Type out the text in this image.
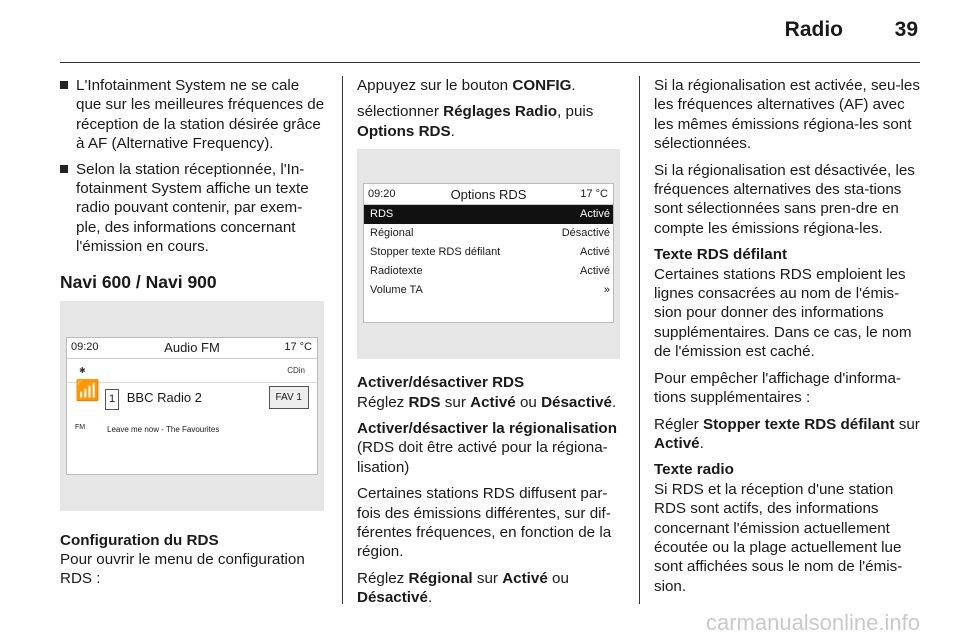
Radio 39
L'Infotainment System ne se cale que sur les meilleures fréquences de réception de la station désirée grâce à AF (Alternative Frequency).
Selon la station réceptionnée, l'In-fotainment System affiche un texte radio pouvant contenir, par exem-ple, des informations concernant l'émission en cours.
Navi 600 / Navi 900
09:20	Audio FM	17 °C
✱	CDin
📶 1 BBC Radio 2	FAV 1
FM	Leave me now - The Favourites
Configuration du RDS

Pour ouvrir le menu de configuration RDS :

Appuyez sur le bouton CONFIG.

sélectionner Réglages Radio, puis Options RDS.

09:20	Options RDS	17 °C
RDS	Activé
Régional	Désactivé
Stopper texte RDS défilant	Activé
Radiotexte	Activé
Volume TA	»
Activer/désactiver RDS

Réglez RDS sur Activé ou Désactivé.

Activer/désactiver la régionalisation

(RDS doit être activé pour la régiona-lisation)

Certaines stations RDS diffusent par-fois des émissions différentes, sur dif-férentes fréquences, en fonction de la région.

Réglez Régional sur Activé ou Désactivé.

Si la régionalisation est activée, seu-les les fréquences alternatives (AF) avec les mêmes émissions régiona-les sont sélectionnées.

Si la régionalisation est désactivée, les fréquences alternatives des sta-tions sont sélectionnées sans pren-dre en compte les émissions régiona-les.

Texte RDS défilant

Certaines stations RDS emploient les lignes consacrées au nom de l'émis-sion pour donner des informations supplémentaires. Dans ce cas, le nom de l'émission est caché.

Pour empêcher l'affichage d'informa-tions supplémentaires :

Régler Stopper texte RDS défilant sur Activé.

Texte radio

Si RDS et la réception d'une station RDS sont actifs, des informations concernant l'émission actuellement écoutée ou la plage actuellement lue sont affichées sous le nom de l'émis-sion.

carmanualsonline.info
